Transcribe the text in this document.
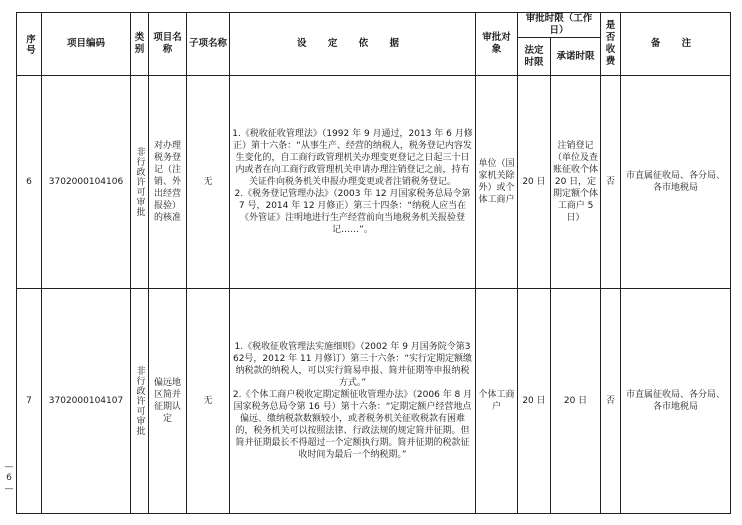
— 6 —
序号	项目编码	类别	项目名称	子项名称	设 定 依 据	审批对象	审批时限（工作日）		是否收费	备 注
							法定时限	承诺时限		
6	3702000104106	非行政许可审批	对办理税务登记（注销、外出经营报验）的核准	无	1.《税收征收管理法》（1992 年 9 月通过，2013 年 6 月修正）第十六条：“从事生产、经营的纳税人，税务登记内容发生变化的，自工商行政管理机关办理变更登记之日起三十日内或者在向工商行政管理机关申请办理注销登记之前，持有关证件向税务机关申报办理变更或者注销税务登记。

2.《税务登记管理办法》（2003 年 12 月国家税务总局令第 7 号，2014 年 12 月修正）第三十四条：“纳税人应当在《外管证》注明地进行生产经营前向当地税务机关报验登记……”。	单位（国家机关除外）或个体工商户	20 日	注销登记（单位及查账征收个体 20 日，定期定额个体工商户 5 日）	否	市直属征收局、各分局、各市地税局
7	3702000104107	非行政许可审批	偏远地区简并征期认定	无	1.《税收征收管理法实施细则》（2002 年 9 月国务院令第362号，2012 年 11 月修订）第三十六条：“实行定期定额缴纳税款的纳税人，可以实行简易申报、简并征期等申报纳税方式。”

2.《个体工商户税收定期定额征收管理办法》（2006 年 8 月国家税务总局令第 16 号）第十六条：“定期定额户经营地点偏远、缴纳税款数额较小，或者税务机关征收税款有困难的，税务机关可以按照法律、行政法规的规定简并征期。但简并征期最长不得超过一个定额执行期。简并征期的税款征收时间为最后一个纳税期。”	个体工商户	20 日	20 日	否	市直属征收局、各分局、各市地税局
